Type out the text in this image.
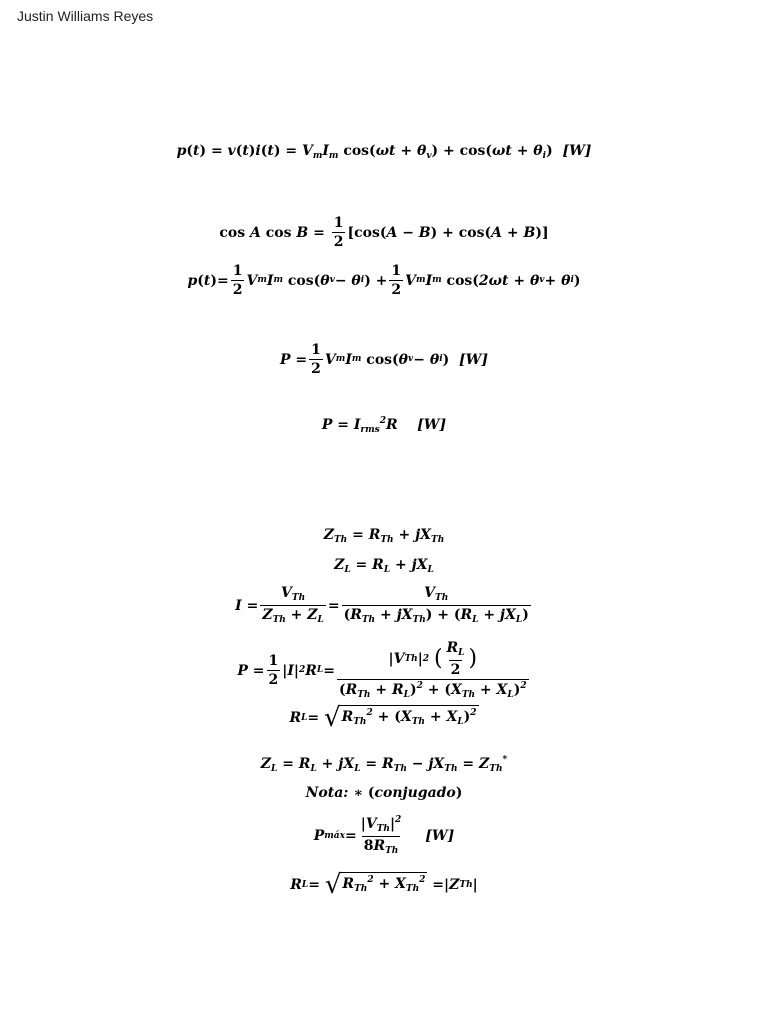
Justin Williams Reyes
$p(t) = v(t)i(t) = V_mI_m$ $\cos(\omega t + \theta_v) + \cos(\omega t + \theta_i)$  [W]
cos A $\cos B = \frac{1}{2} [\cos$( A − B ) + cos( A + B )]
p ( t ) = $\frac{1}{2}$ V m I m
cos( θ v − θ i ) + $\frac{1}{2}$ V m I m
cos( 2ωt + θ v + θ i )
$P = \frac{1}{2}$ V m I m
cos( θ v − θ i ) [W]
$P = I_{rms}^2R$    [W]
$Z_{Th} = R_{Th} + jX_{Th}$
$Z_L = R_L + jX_L$
$I = \frac{V_{Th}}{Z_{Th} + Z_L} = \frac{V_{Th}}{(R_{Th} + jX_{Th}) + (R_L + jX_L)}$
$P = \frac{1}{2}$ | I | 2 R L = | V Th | 2
( $\frac{R_L}{2}$ )
$(R_{Th} + R_L)^2 + (X_{Th} + X_L)^2$
R L = √ $R_{Th}^2 + (X_{Th} + X_L)^2$
$Z_L = R_L + jX_L = R_{Th} - jX_{Th} = Z_{Th}^*$
Nota: ∗ (conjugado)
P máx = $\frac{|V_{Th}|^2}{8R_{Th}} [W]$
R L = √ $R_{Th}^2 + X_{Th}^2$ = | Z Th |
